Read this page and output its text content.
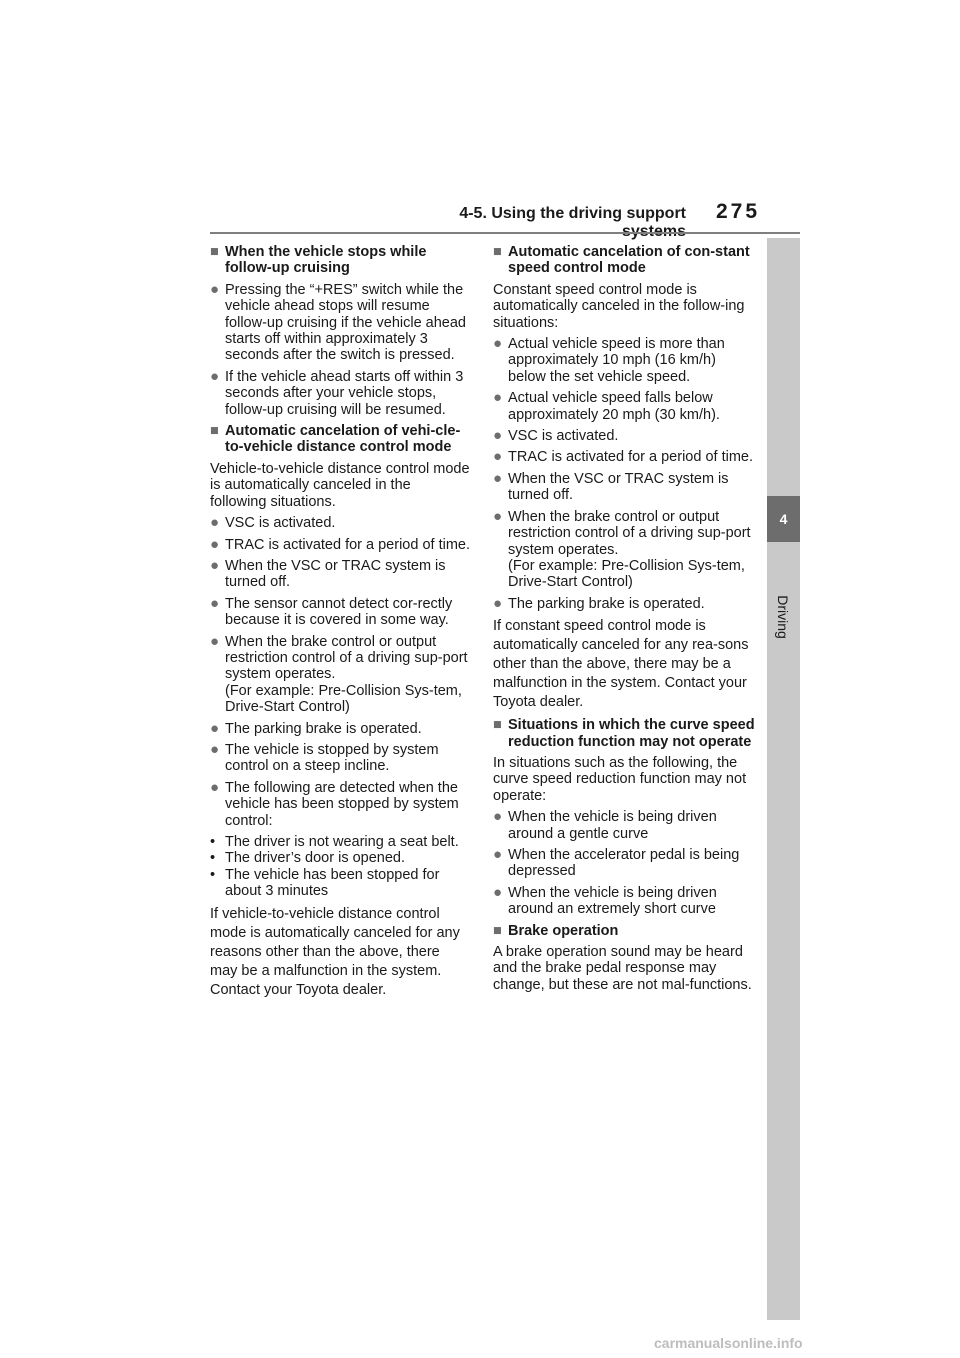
4-5. Using the driving support 275
4
Driving
■ When the vehicle stops while follow-up cruising
● Pressing the “+RES” switch while the vehicle ahead stops will resume follow-up cruising if the vehicle ahead starts off within approximately 3 seconds after the switch is pressed.
● If the vehicle ahead starts off within 3 seconds after your vehicle stops, follow-up cruising will be resumed.
■ Automatic cancelation of vehi-cle-to-vehicle distance control mode
Vehicle-to-vehicle distance control mode is automatically canceled in the following situations.
● VSC is activated.
● TRAC is activated for a period of time.
● When the VSC or TRAC system is turned off.
● The sensor cannot detect cor-rectly because it is covered in some way.
● When the brake control or output restriction control of a driving sup-port system operates.
(For example: Pre-Collision Sys-tem, Drive-Start Control)
● The parking brake is operated.
● The vehicle is stopped by system control on a steep incline.
● The following are detected when the vehicle has been stopped by system control:
• The driver is not wearing a seat belt.
• The driver’s door is opened.
• The vehicle has been stopped for about 3 minutes
If vehicle-to-vehicle distance control mode is automatically canceled for any reasons other than the above, there may be a malfunction in the system. Contact your Toyota dealer.
■ Automatic cancelation of con-stant speed control mode
Constant speed control mode is automatically canceled in the follow-ing situations:
● Actual vehicle speed is more than approximately 10 mph (16 km/h) below the set vehicle speed.
● Actual vehicle speed falls below approximately 20 mph (30 km/h).
● VSC is activated.
● TRAC is activated for a period of time.
● When the VSC or TRAC system is turned off.
● When the brake control or output restriction control of a driving sup-port system operates.
(For example: Pre-Collision Sys-tem, Drive-Start Control)
● The parking brake is operated.
If constant speed control mode is automatically canceled for any rea-sons other than the above, there may be a malfunction in the system. Contact your Toyota dealer.
■ Situations in which the curve speed reduction function may not operate
In situations such as the following, the curve speed reduction function may not operate:
● When the vehicle is being driven around a gentle curve
● When the accelerator pedal is being depressed
● When the vehicle is being driven around an extremely short curve
■ Brake operation
A brake operation sound may be heard and the brake pedal response may change, but these are not mal-functions.
carmanualsonline.info
